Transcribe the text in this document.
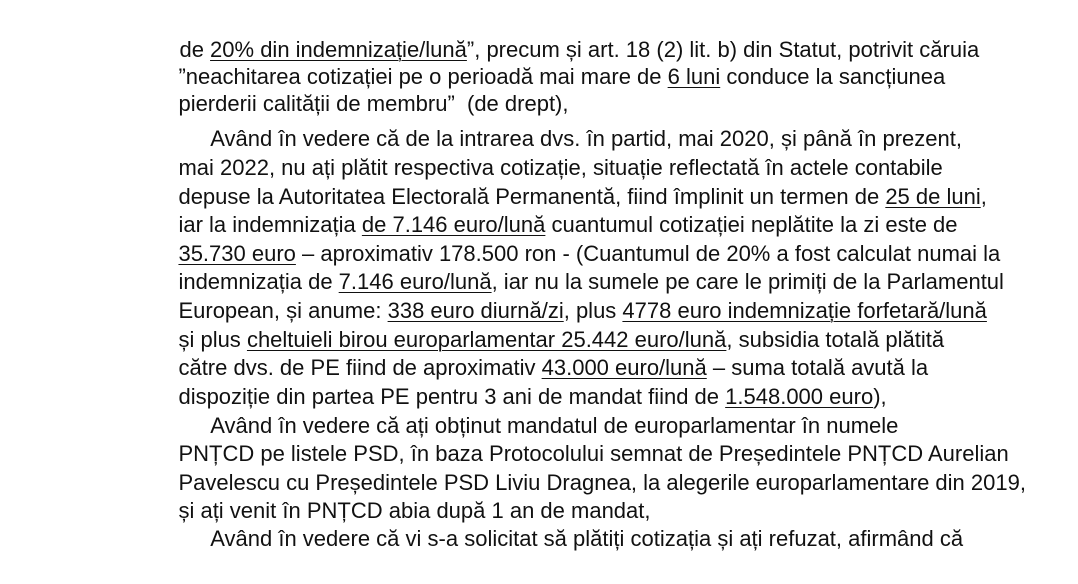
de 20% din indemnizație/lună”, precum și art. 18 (2) lit. b) din Statut, potrivit căruia

”neachitarea cotizației pe o perioadă mai mare de 6 luni conduce la sancțiunea

pierderii calității de membru”  (de drept),

Având în vedere că de la intrarea dvs. în partid, mai 2020, și până în prezent,

mai 2022, nu ați plătit respectiva cotizație, situație reflectată în actele contabile

depuse la Autoritatea Electorală Permanentă, fiind împlinit un termen de 25 de luni,

iar la indemnizația de 7.146 euro/lună cuantumul cotizației neplătite la zi este de

35.730 euro – aproximativ 178.500 ron - (Cuantumul de 20% a fost calculat numai la

indemnizația de 7.146 euro/lună, iar nu la sumele pe care le primiți de la Parlamentul

European, și anume: 338 euro diurnă/zi, plus 4778 euro indemnizație forfetară/lună

și plus cheltuieli birou europarlamentar 25.442 euro/lună, subsidia totală plătită

către dvs. de PE fiind de aproximativ 43.000 euro/lună – suma totală avută la

dispoziție din partea PE pentru 3 ani de mandat fiind de 1.548.000 euro),

Având în vedere că ați obținut mandatul de europarlamentar în numele

PNȚCD pe listele PSD, în baza Protocolului semnat de Președintele PNȚCD Aurelian

Pavelescu cu Președintele PSD Liviu Dragnea, la alegerile europarlamentare din 2019,

și ați venit în PNȚCD abia după 1 an de mandat,

Având în vedere că vi s-a solicitat să plătiți cotizația și ați refuzat, afirmând că
